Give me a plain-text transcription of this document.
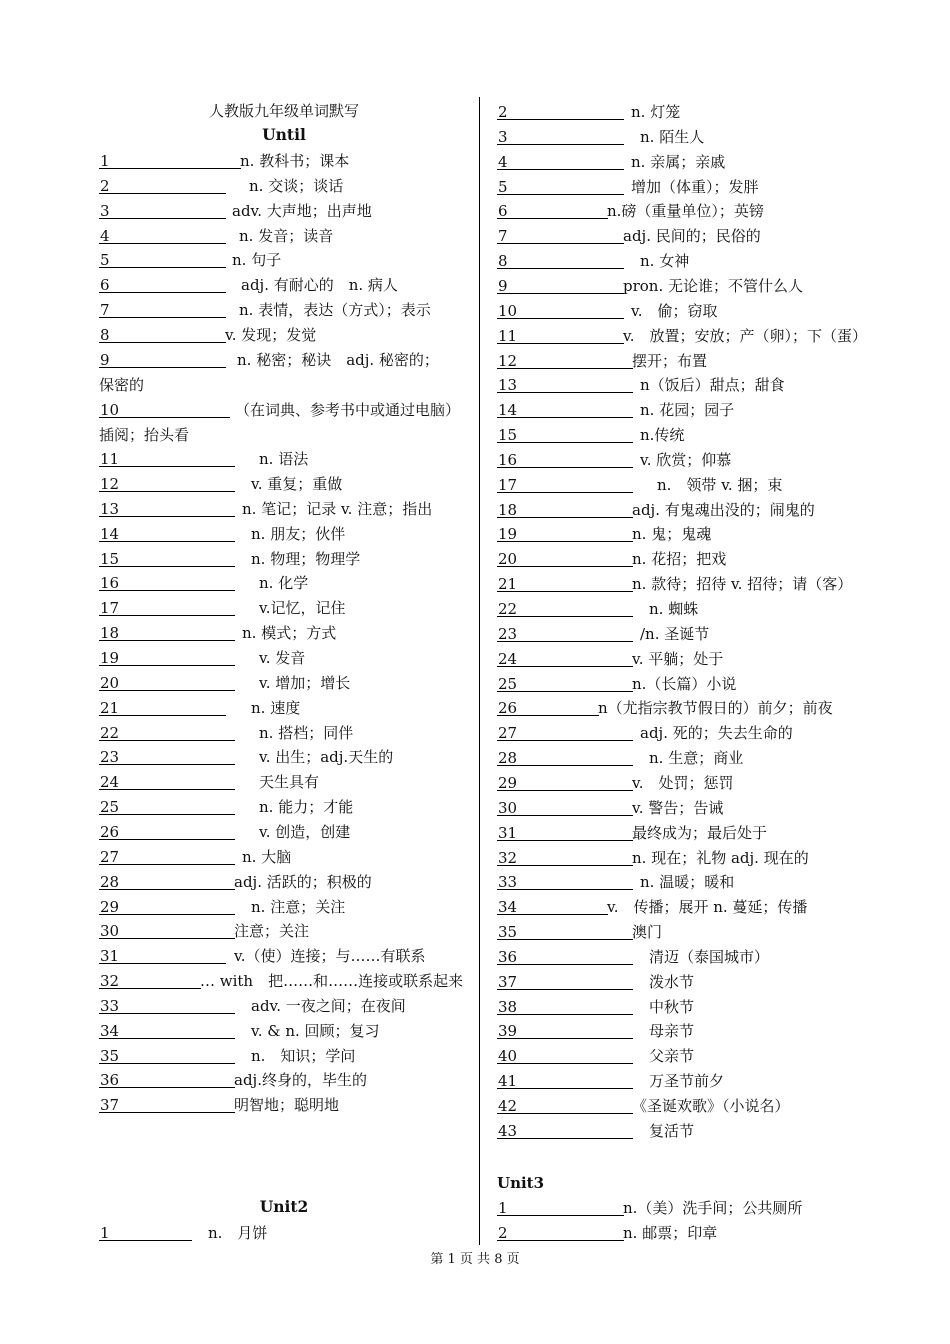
人教版九年级单词默写
Until
1	n. 教科书；课本
2	n. 交谈；谈话
3	adv. 大声地；出声地
4	n. 发音；读音
5	n. 句子
6	adj. 有耐心的　n. 病人
7	n. 表情，表达（方式）；表示
8	v. 发现；发觉
9	n. 秘密；秘诀　adj. 秘密的；
保密的
10	（在词典、参考书中或通过电脑）
插阅；抬头看
11	n. 语法
12	v. 重复；重做
13	n. 笔记；记录 v. 注意；指出
14	n. 朋友；伙伴
15	n. 物理；物理学
16	n. 化学
17	v.记忆，记住
18	n. 模式；方式
19	v. 发音
20	v. 增加；增长
21	n. 速度
22	n. 搭档；同伴
23	v. 出生；adj.天生的
24	天生具有
25	n. 能力；才能
26	v. 创造，创建
27	n. 大脑
28	adj. 活跃的；积极的
29	n. 注意；关注
30	注意；关注
31	v.（使）连接；与……有联系
32	… with　把……和……连接或联系起来
33	adv. 一夜之间；在夜间
34	v. & n. 回顾；复习
35	n.　知识；学问
36	adj.终身的，毕生的
37	明智地；聪明地
Unit2
1	n.　月饼
2	n. 灯笼
3	n. 陌生人
4	n. 亲属；亲戚
5	增加（体重）；发胖
6	n.磅（重量单位）；英镑
7	adj. 民间的；民俗的
8	n. 女神
9	pron. 无论谁；不管什么人
10	v.　偷；窃取
11	v.　放置；安放；产（卵）；下（蛋）
12	摆开；布置
13	n（饭后）甜点；甜食
14	n. 花园；园子
15	n.传统
16	v. 欣赏；仰慕
17	n.　领带 v. 捆；束
18	adj. 有鬼魂出没的；闹鬼的
19	n. 鬼；鬼魂
20	n. 花招；把戏
21	n. 款待；招待 v. 招待；请（客）
22	n. 蜘蛛
23	/n. 圣诞节
24	v. 平躺；处于
25	n.（长篇）小说
26	n（尤指宗教节假日的）前夕；前夜
27	adj. 死的；失去生命的
28	n. 生意；商业
29	v.　处罚；惩罚
30	v. 警告；告诫
31	最终成为；最后处于
32	n. 现在；礼物 adj. 现在的
33	n. 温暖；暖和
34	v.　传播；展开 n. 蔓延；传播
35	澳门
36	清迈（泰国城市）
37	泼水节
38	中秋节
39	母亲节
40	父亲节
41	万圣节前夕
42	《圣诞欢歌》（小说名）
43	复活节
Unit3
1	n.（美）洗手间；公共厕所
2	n. 邮票；印章
第 1 页 共 8 页
